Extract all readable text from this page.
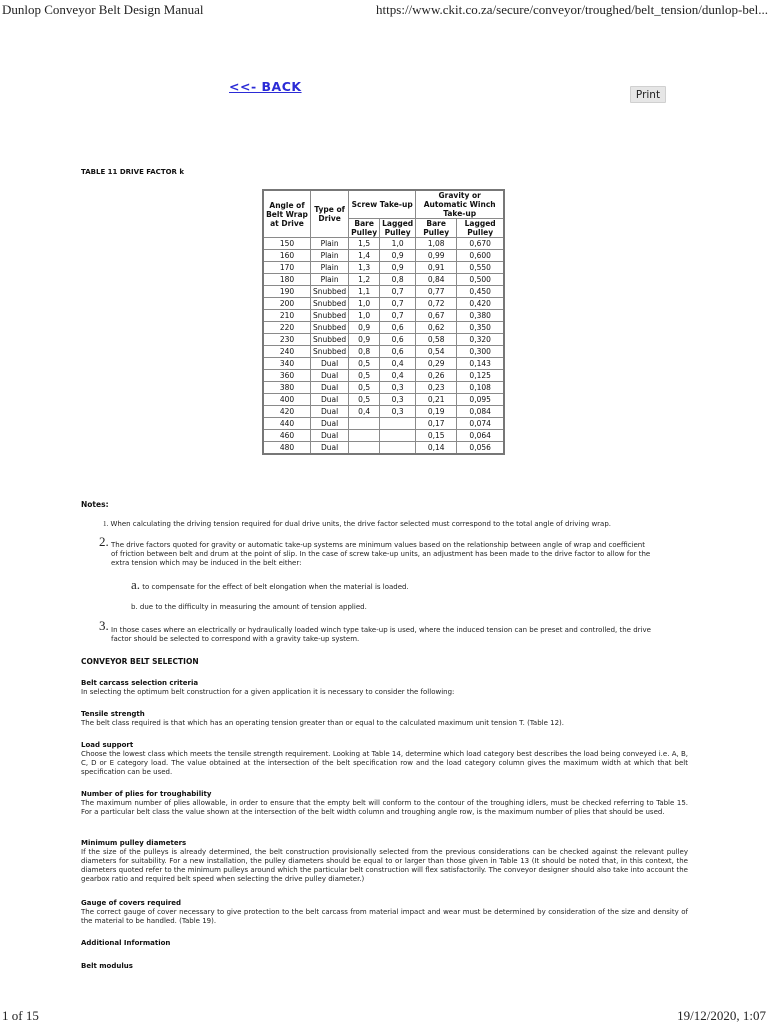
Dunlop Conveyor Belt Design Manual	https://www.ckit.co.za/secure/conveyor/troughed/belt_tension/dunlop-bel...
<<- BACK
Print
TABLE 11 DRIVE FACTOR k
Angle of Belt Wrap at Drive	Type of Drive	Screw Take-up		Gravity or Automatic Winch Take-up	
		Bare Pulley	Lagged Pulley	Bare Pulley	Lagged Pulley
150	Plain	1,5	1,0	1,08	0,670
160	Plain	1,4	0,9	0,99	0,600
170	Plain	1,3	0,9	0,91	0,550
180	Plain	1,2	0,8	0,84	0,500
190	Snubbed	1,1	0,7	0,77	0,450
200	Snubbed	1,0	0,7	0,72	0,420
210	Snubbed	1,0	0,7	0,67	0,380
220	Snubbed	0,9	0,6	0,62	0,350
230	Snubbed	0,9	0,6	0,58	0,320
240	Snubbed	0,8	0,6	0,54	0,300
340	Dual	0,5	0,4	0,29	0,143
360	Dual	0,5	0,4	0,26	0,125
380	Dual	0,5	0,3	0,23	0,108
400	Dual	0,5	0,3	0,21	0,095
420	Dual	0,4	0,3	0,19	0,084
440	Dual			0,17	0,074
460	Dual			0,15	0,064
480	Dual			0,14	0,056
Notes:
1. When calculating the driving tension required for dual drive units, the drive factor selected must correspond to the total angle of driving wrap.
2. The drive factors quoted for gravity or automatic take-up systems are minimum values based on the relationship between angle of wrap and coefficient
of friction between belt and drum at the point of slip. In the case of screw take-up units, an adjustment has been made to the drive factor to allow for the
extra tension which may be induced in the belt either:
a. to compensate for the effect of belt elongation when the material is loaded.
b. due to the difficulty in measuring the amount of tension applied.
3. In those cases where an electrically or hydraulically loaded winch type take-up is used, where the induced tension can be preset and controlled, the drive
factor should be selected to correspond with a gravity take-up system.
CONVEYOR BELT SELECTION
Belt carcass selection criteria
In selecting the optimum belt construction for a given application it is necessary to consider the following:
Tensile strength
The belt class required is that which has an operating tension greater than or equal to the calculated maximum unit tension T. (Table 12).
Load support
Choose the lowest class which meets the tensile strength requirement. Looking at Table 14, determine which load category best describes the load being conveyed i.e. A, B, C, D or E category load. The value obtained at the intersection of the belt specification row and the load category column gives the maximum width at which that belt specification can be used.
Number of plies for troughability
The maximum number of plies allowable, in order to ensure that the empty belt will conform to the contour of the troughing idlers, must be checked referring to Table 15. For a particular belt class the value shown at the intersection of the belt width column and troughing angle row, is the maximum number of plies that should be used.
Minimum pulley diameters
If the size of the pulleys is already determined, the belt construction provisionally selected from the previous considerations can be checked against the relevant pulley diameters for suitability. For a new installation, the pulley diameters should be equal to or larger than those given in Table 13 (It should be noted that, in this context, the diameters quoted refer to the minimum pulleys around which the particular belt construction will flex satisfactorily. The conveyor designer should also take into account the gearbox ratio and required belt speed when selecting the drive pulley diameter.)
Gauge of covers required
The correct gauge of cover necessary to give protection to the belt carcass from material impact and wear must be determined by consideration of the size and density of the material to be handled. (Table 19).
Additional Information
Belt modulus
1 of 15	19/12/2020, 1:07
